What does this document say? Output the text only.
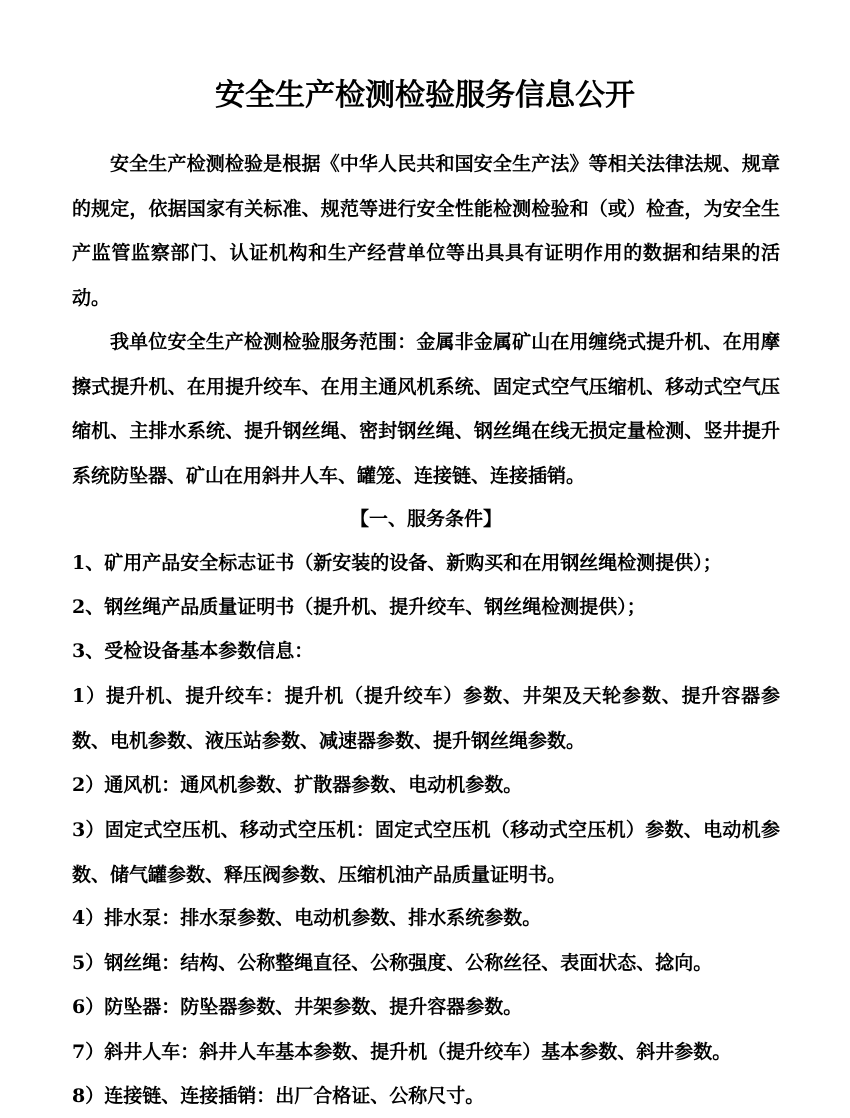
安全生产检测检验服务信息公开

安全生产检测检验是根据《中华人民共和国安全生产法》等相关法律法规、规章的规定，依据国家有关标准、规范等进行安全性能检测检验和（或）检查，为安全生产监管监察部门、认证机构和生产经营单位等出具具有证明作用的数据和结果的活动。

我单位安全生产检测检验服务范围：金属非金属矿山在用缠绕式提升机、在用摩擦式提升机、在用提升绞车、在用主通风机系统、固定式空气压缩机、移动式空气压缩机、主排水系统、提升钢丝绳、密封钢丝绳、钢丝绳在线无损定量检测、竖井提升系统防坠器、矿山在用斜井人车、罐笼、连接链、连接插销。

【一、服务条件】

1、矿用产品安全标志证书（新安装的设备、新购买和在用钢丝绳检测提供）；

2、钢丝绳产品质量证明书（提升机、提升绞车、钢丝绳检测提供）；

3、受检设备基本参数信息：

1）提升机、提升绞车：提升机（提升绞车）参数、井架及天轮参数、提升容器参数、电机参数、液压站参数、减速器参数、提升钢丝绳参数。

2）通风机：通风机参数、扩散器参数、电动机参数。

3）固定式空压机、移动式空压机：固定式空压机（移动式空压机）参数、电动机参数、储气罐参数、释压阀参数、压缩机油产品质量证明书。

4）排水泵：排水泵参数、电动机参数、排水系统参数。

5）钢丝绳：结构、公称整绳直径、公称强度、公称丝径、表面状态、捻向。

6）防坠器：防坠器参数、井架参数、提升容器参数。

7）斜井人车：斜井人车基本参数、提升机（提升绞车）基本参数、斜井参数。

8）连接链、连接插销：出厂合格证、公称尺寸。
